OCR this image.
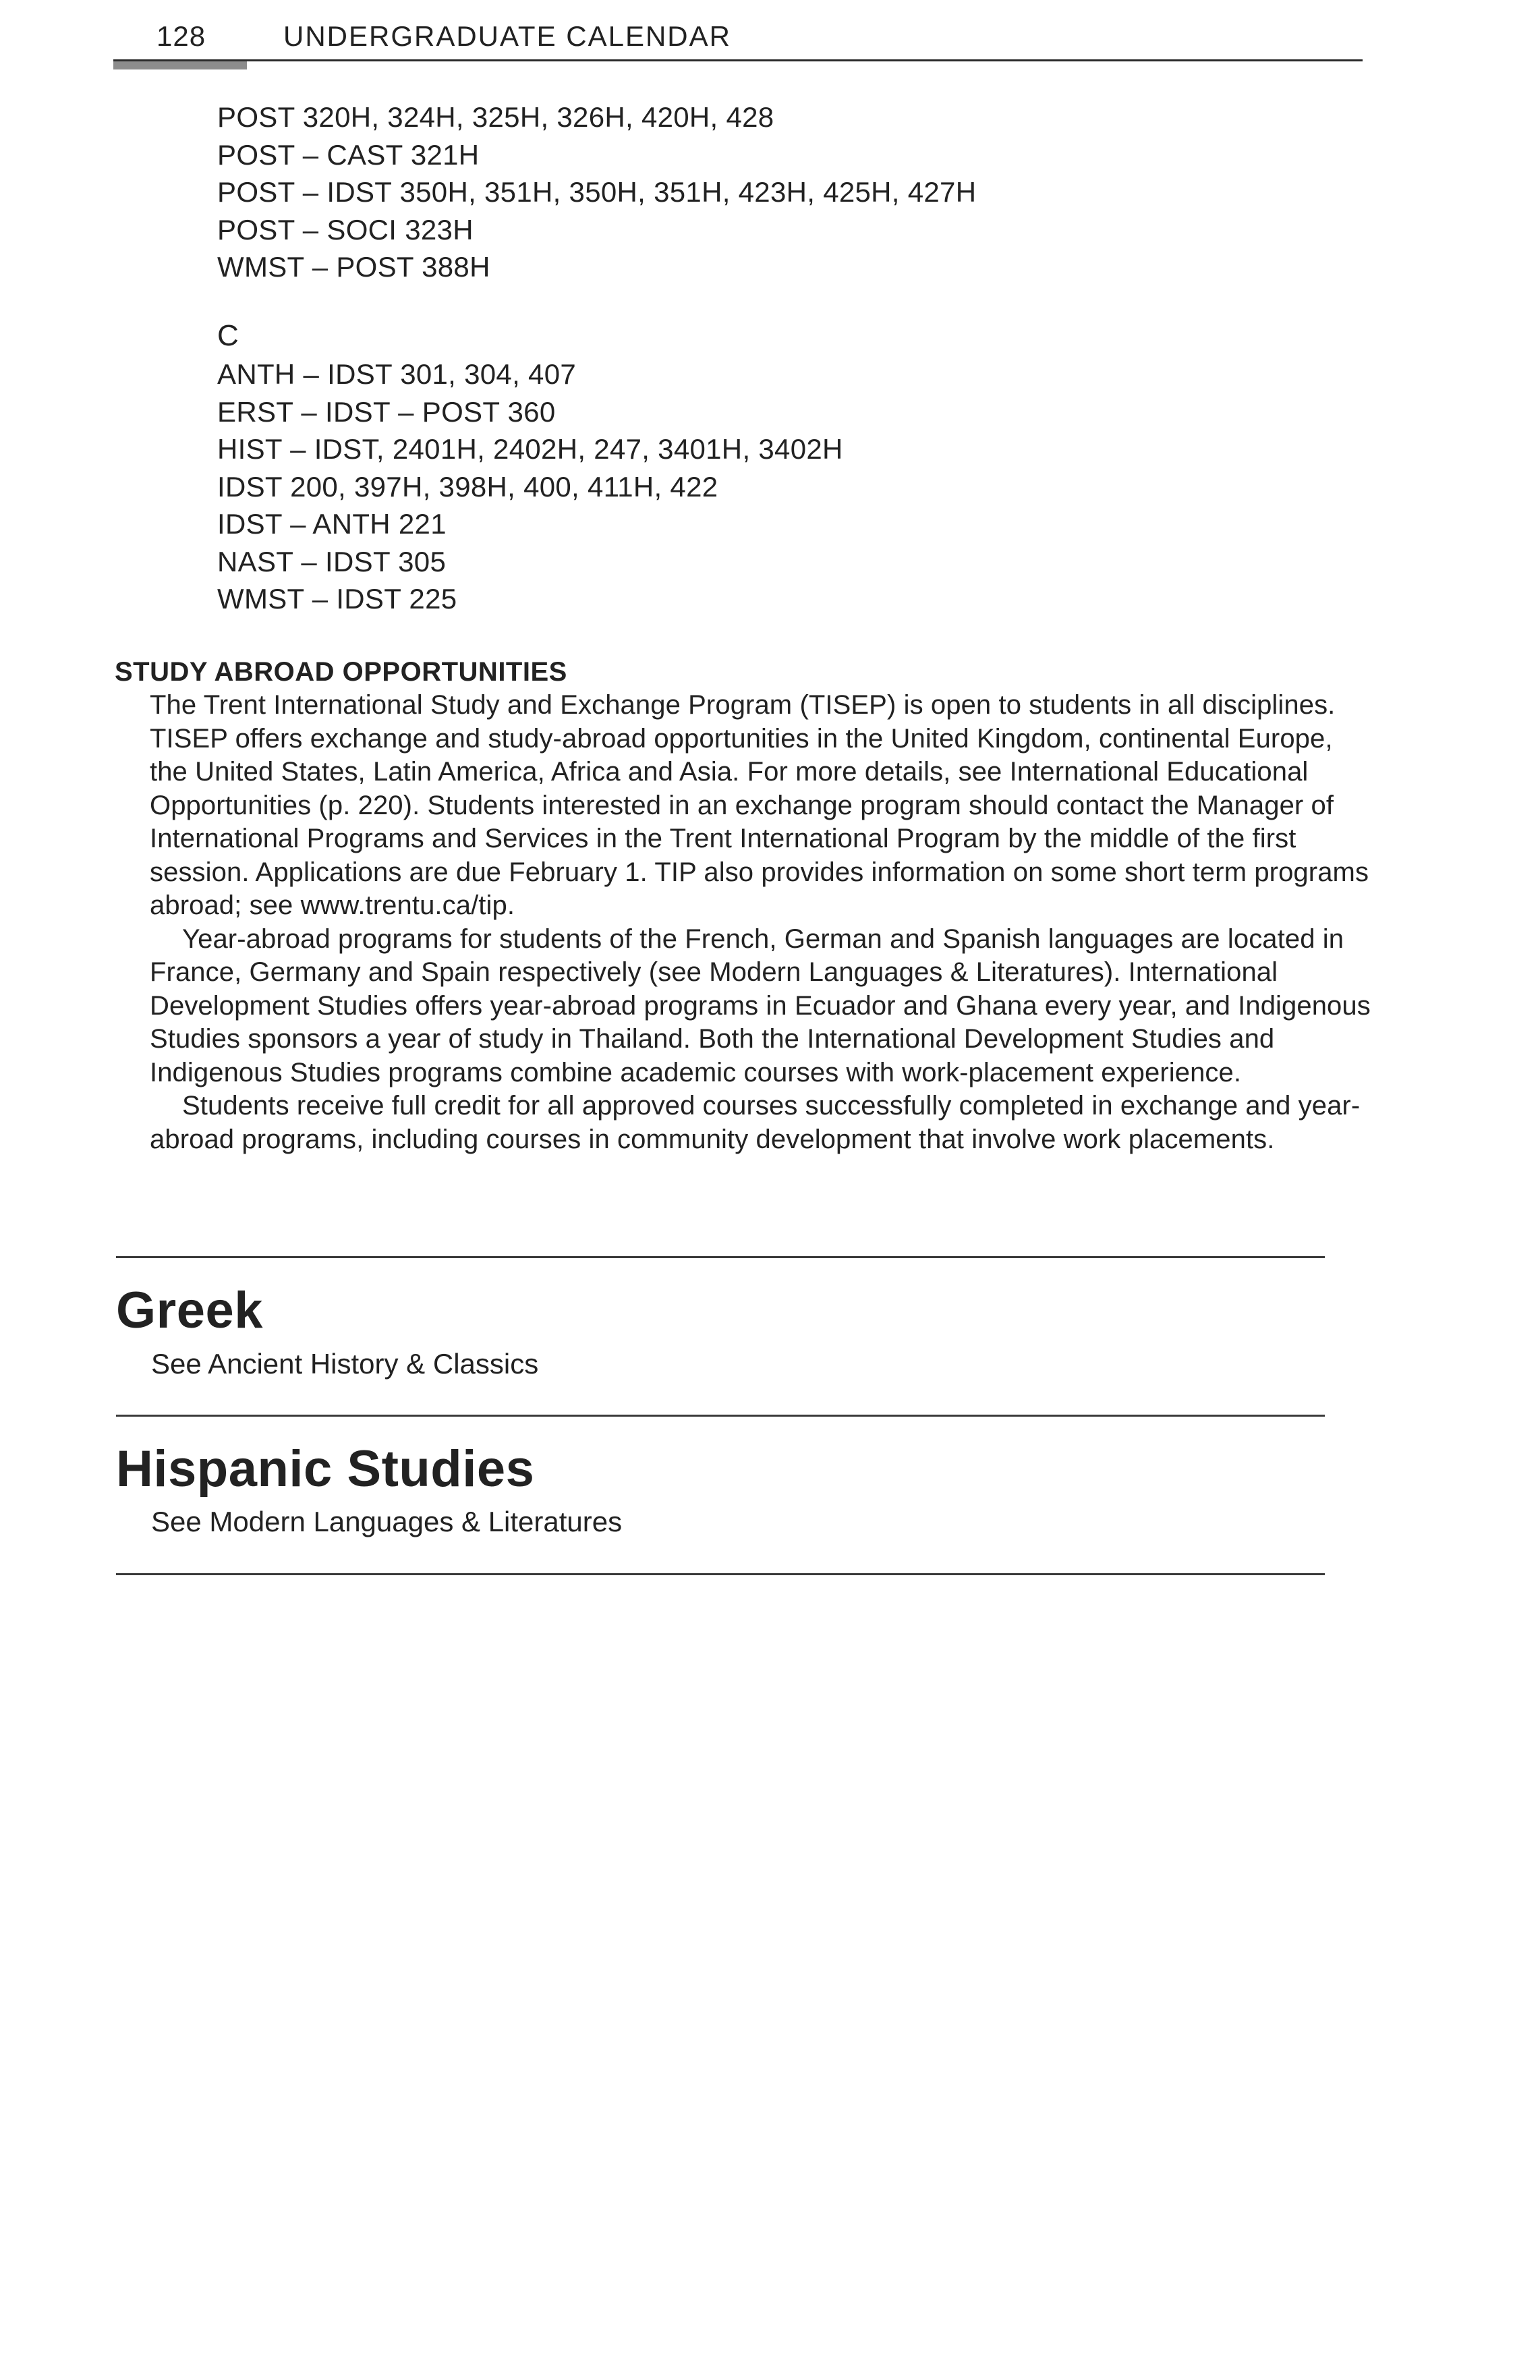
128	UNDERGRADUATE CALENDAR
POST 320H, 324H, 325H, 326H, 420H, 428
POST – CAST 321H
POST – IDST 350H, 351H, 350H, 351H, 423H, 425H, 427H
POST – SOCI 323H
WMST – POST 388H
C
ANTH – IDST 301, 304, 407
ERST – IDST – POST 360
HIST – IDST, 2401H, 2402H, 247, 3401H, 3402H
IDST 200, 397H, 398H, 400, 411H, 422
IDST – ANTH 221
NAST – IDST 305
WMST – IDST 225
STUDY ABROAD OPPORTUNITIES

The Trent International Study and Exchange Program (TISEP) is open to students in all disciplines. TISEP offers exchange and study-abroad opportunities in the United Kingdom, continental Europe, the United States, Latin America, Africa and Asia. For more details, see International Educational Opportunities (p. 220). Students interested in an exchange program should contact the Manager of International Programs and Services in the Trent International Program by the middle of the first session. Applications are due February 1. TIP also provides information on some short term programs abroad; see www.trentu.ca/tip.

Year-abroad programs for students of the French, German and Spanish languages are located in France, Germany and Spain respectively (see Modern Languages & Literatures). International Development Studies offers year-abroad programs in Ecuador and Ghana every year, and Indigenous Studies sponsors a year of study in Thailand. Both the International Development Studies and Indigenous Studies programs combine academic courses with work-placement experience.

Students receive full credit for all approved courses successfully completed in exchange and year-abroad programs, including courses in community development that involve work placements.

Greek
See Ancient History & Classics
Hispanic Studies
See Modern Languages & Literatures
